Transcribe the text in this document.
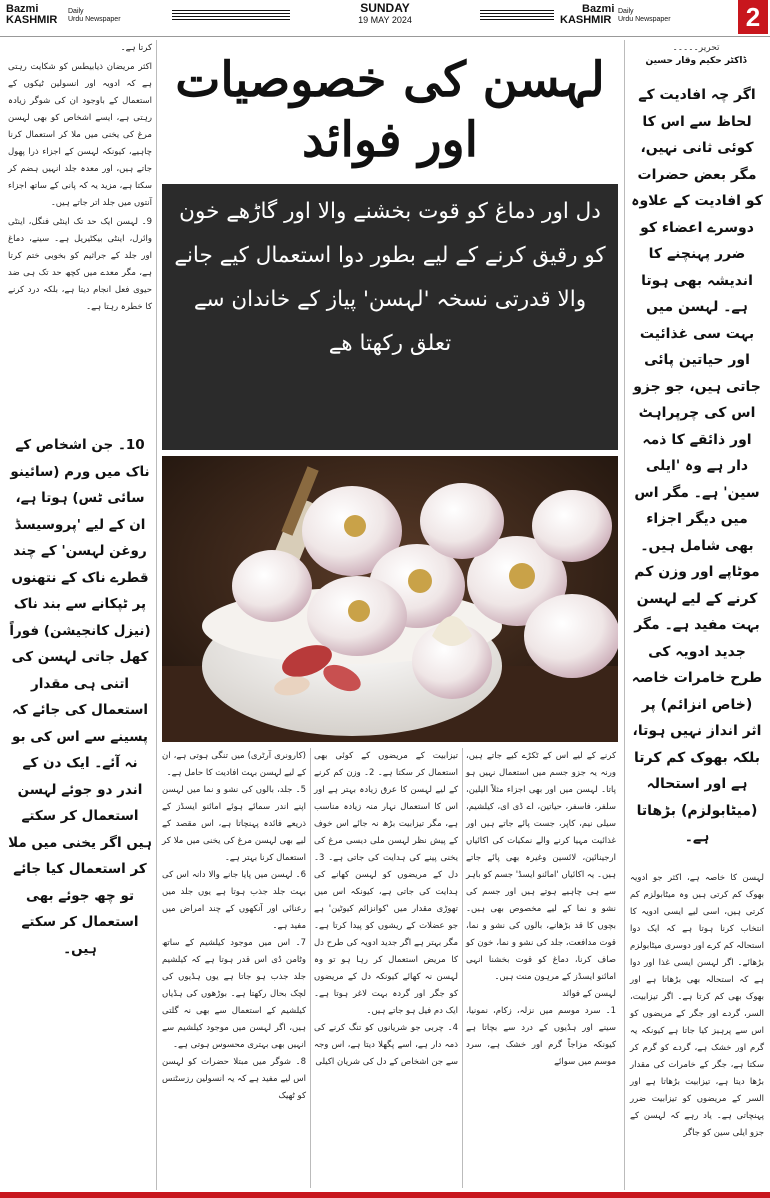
Bazmi
KASHMIR
Daily
Urdu Newspaper
SUNDAY
19 MAY 2024
Bazmi
KASHMIR
Daily
Urdu Newspaper	2
لہسن کی خصوصیات اور فوائد
دل اور دماغ کو قوت بخشنے والا اور گاڑھے خون کو رقیق کرنے کے لیے بطور دوا استعمال کیے جانے والا قدرتی نسخہ 'لہسن' پیاز کے خاندان سے تعلق رکھتا ھے

کرتا ہے۔

اکثر مریضان ذیابیطس کو شکایت رہتی ہے کہ ادویہ اور انسولین ٹیکوں کے استعمال کے باوجود ان کی شوگر زیادہ رہتی ہے، ایسے اشخاص کو بھی لہسن مرغ کی یخنی میں ملا کر استعمال کرنا چاہیے، کیونکہ لہسن کے اجزاء ذرا پھول جاتے ہیں، اور معدہ جلد انہیں ہضم کر سکتا ہے، مزید یہ کہ پانی کے ساتھ اجزاء آنتوں میں جلد اتر جاتے ہیں۔

9۔ لہسن ایک حد تک اینٹی فنگل، اینٹی وائرل، اینٹی بیکٹیریل ہے۔ سینے، دماغ اور جلد کے جراثیم کو بخوبی ختم کرتا ہے، مگر معدے میں کچھ حد تک ہی ضد حیوی فعل انجام دیتا ہے، بلکہ درد کرنے کا خطرہ رہتا ہے۔

10۔ جن اشخاص کے ناک میں ورم (سائینو سائی ٹس) ہوتا ہے، ان کے لیے 'پروسیسڈ روغن لہسن' کے چند قطرے ناک کے نتھنوں پر ٹپکانے سے بند ناک (نیزل کانجیشن) فوراً کھل جاتی لہسن کی اتنی ہی مقدار استعمال کی جائے کہ پسینے سے اس کی بو نہ آئے۔ ایک دن کے اندر دو جوئے لہسن استعمال کر سکتے ہیں اگر یخنی میں ملا کر استعمال کیا جائے تو چھ جوئے بھی استعمال کر سکتے ہیں۔
تحریر۔۔۔۔۔
ڈاکٹر حکیم وقار حسین
اگر چہ افادیت کے لحاظ سے اس کا کوئی ثانی نہیں، مگر بعض حضرات کو افادیت کے علاوہ دوسرے اعضاء کو ضرر پہنچنے کا اندیشہ بھی ہوتا ہے۔ لہسن میں بہت سی غذائیت اور حیاتین پائی جاتی ہیں، جو جزو اس کی چرپراہٹ اور ذائقے کا ذمہ دار ہے وہ 'ایلی سین' ہے۔ مگر اس میں دیگر اجزاء بھی شامل ہیں۔ موٹاپے اور وزن کم کرنے کے لیے لہسن بہت مفید ہے۔ مگر جدید ادویہ کی طرح خامرات خاصہ (خاص انزائم) پر اثر انداز نہیں ہوتا، بلکہ بھوک کم کرتا ہے اور استحالہ (میٹابولزم) بڑھاتا ہے۔
لہسن کا خاصہ ہے، اکثر جو ادویہ بھوک کم کرتی ہیں وہ میٹابولزم کم کرتی ہیں، اسی لیے ایسی ادویہ کا انتخاب کرنا ہوتا ہے کہ ایک دوا استحالہ کم کرے اور دوسری میٹابولزم بڑھائے۔ اگر لہسن ایسی غذا اور دوا ہے کہ استحالہ بھی بڑھاتا ہے اور بھوک بھی کم کرتا ہے۔ اگر تیزابیت، السر، گردے اور جگر کے مریضوں کو اس سے پرہیز کیا جاتا ہے کیونکہ یہ گرم اور خشک ہے، گردے کو گرم کر سکتا ہے، جگر کے خامرات کی مقدار بڑھا دیتا ہے، تیزابیت بڑھاتا ہے اور السر کے مریضوں کو تیزابیت ضرر پہنچاتی ہے۔ یاد رہے کہ لہسن کے جزو ایلی سین کو جاگر
کرنے کے لیے اس کے ٹکڑے کیے جاتے ہیں، ورنہ یہ جزو جسم میں استعمال نہیں ہو پاتا۔ لہسن میں اور بھی اجزاء مثلاً الیلین، سلفر، فاسفر، حیاتین، اے ڈی ای، کیلشیم، سیلی نیم، کاپر، جست پائے جاتے ہیں اور غذائیت مہیا کرنے والے نمکیات کی اکائیاں ارجینائین، لائسین وغیرہ بھی پائے جاتے ہیں۔ یہ اکائیاں 'امائنو ایسڈ' جسم کو باہر سے ہی چاہیے ہوتے ہیں اور جسم کی نشو و نما کے لیے مخصوص بھی ہیں۔ بچوں کا قد بڑھانے، بالوں کی نشو و نما، قوت مدافعت، جلد کی نشو و نما، خون کو صاف کرنا، دماغ کو قوت بخشنا انہی امائنو ایسڈز کے مرہون منت ہیں۔
لہسن کے فوائد
1۔ سرد موسم میں نزلہ، زکام، نمونیا، سینے اور ہڈیوں کے درد سے بچاتا ہے کیونکہ مزاجاً گرم اور خشک ہے، سرد موسم میں سوائے
تیزابیت کے مریضوں کے کوئی بھی استعمال کر سکتا ہے۔ 2۔ وزن کم کرنے کے لیے لہسن کا عرق زیادہ بہتر ہے اور اس کا استعمال نہار منہ زیادہ مناسب ہے، مگر تیزابیت بڑھ نہ جائے اس خوف کے پیش نظر لہسن ملی دیسی مرغ کی یخنی پینے کی ہدایت کی جاتی ہے۔ 3۔ دل کے مریضوں کو لہسن کھانے کی ہدایت کی جاتی ہے، کیونکہ اس میں تھوڑی مقدار میں 'کوانزائم کیوٹین' ہے جو عضلات کے ریشوں کو پیدا کرتا ہے۔ مگر بہتر ہے اگر جدید ادویہ کی طرح دل کا مریض استعمال کر رہا ہو تو وہ لہسن نہ کھائے کیونکہ دل کے مریضوں کو جگر اور گردہ بہت لاغر ہوتا ہے۔ ایک دم فیل ہو جاتے ہیں۔
4۔ چربی جو شریانوں کو تنگ کرنے کی ذمہ دار ہے، اسے پگھلا دیتا ہے، اس وجہ سے جن اشخاص کے دل کی شریان اکیلی
(کارونری آرٹری) میں تنگی ہوتی ہے، ان کے لیے لہسن بہت افادیت کا حامل ہے۔
5۔ جلد، بالوں کی نشو و نما میں لہسن اپنے اندر سمائے ہوئے امائنو ایسڈز کے ذریعے فائدہ پہنچاتا ہے، اس مقصد کے لیے بھی لہسن مرغ کی یخنی میں ملا کر استعمال کرنا بہتر ہے۔
6۔ لہسن میں پایا جانے والا دانہ اس کی بہت جلد جذب ہوتا ہے یوں جلد میں رعنائی اور آنکھوں کے چند امراض میں مفید ہے۔
7۔ اس میں موجود کیلشیم کے ساتھ وٹامن ڈی اس قدر ہوتا ہے کہ کیلشیم جلد جذب ہو جاتا ہے یوں ہڈیوں کی لچک بحال رکھتا ہے۔ بوڑھوں کی ہڈیاں کیلشیم کے استعمال سے بھی نہ گلتی ہیں، اگر لہسن میں موجود کیلشیم سے انہیں بھی بہتری محسوس ہوتی ہے۔
8۔ شوگر میں مبتلا حضرات کو لہسن اس لیے مفید ہے کہ یہ انسولین رزسٹنس کو ٹھیک
